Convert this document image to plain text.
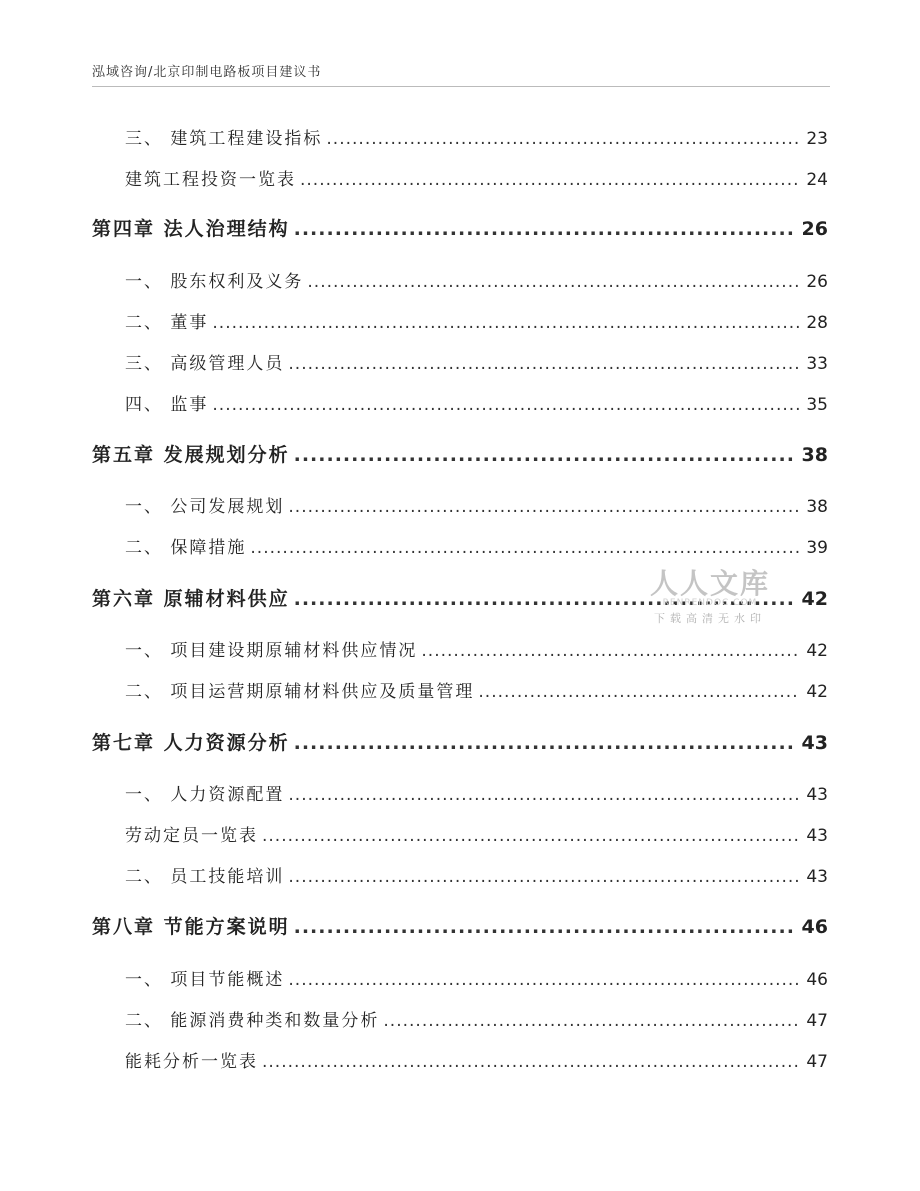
泓域咨询/北京印制电路板项目建议书
三、 建筑工程建设指标 .....	23
建筑工程投资一览表 .....	24
第四章 法人治理结构 .....	26
一、 股东权利及义务 .....	26
二、 董事 .....	28
三、 高级管理人员 .....	33
四、 监事 .....	35
第五章 发展规划分析 .....	38
一、 公司发展规划 .....	38
二、 保障措施 .....	39
第六章 原辅材料供应 .....	42
一、 项目建设期原辅材料供应情况 .....	42
二、 项目运营期原辅材料供应及质量管理 .....	42
第七章 人力资源分析 .....	43
一、 人力资源配置 .....	43
劳动定员一览表 .....	43
二、 员工技能培训 .....	43
第八章 节能方案说明 .....	46
一、 项目节能概述 .....	46
二、 能源消费种类和数量分析 .....	47
能耗分析一览表 .....	47
人人文库
RENRENDOC.COM
下载高清无水印
